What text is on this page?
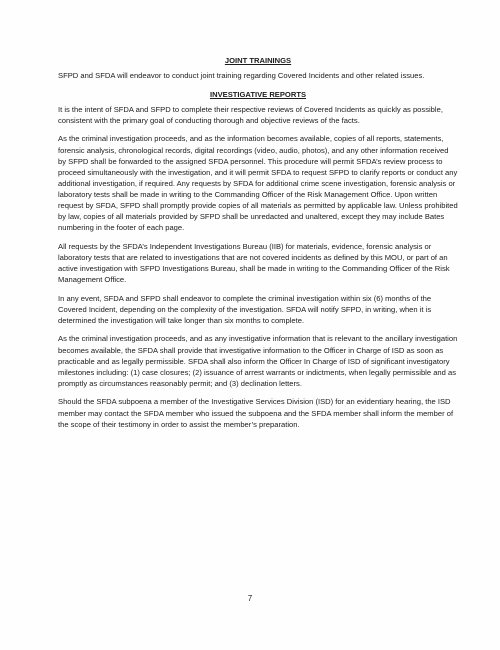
JOINT TRAININGS
SFPD and SFDA will endeavor to conduct joint training regarding Covered Incidents and other related issues.
INVESTIGATIVE REPORTS
It is the intent of SFDA and SFPD to complete their respective reviews of Covered Incidents as quickly as possible, consistent with the primary goal of conducting thorough and objective reviews of the facts.
As the criminal investigation proceeds, and as the information becomes available, copies of all reports, statements, forensic analysis, chronological records, digital recordings (video, audio, photos), and any other information received by SFPD shall be forwarded to the assigned SFDA personnel. This procedure will permit SFDA’s review process to proceed simultaneously with the investigation, and it will permit SFDA to request SFPD to clarify reports or conduct any additional investigation, if required. Any requests by SFDA for additional crime scene investigation, forensic analysis or laboratory tests shall be made in writing to the Commanding Officer of the Risk Management Office. Upon written request by SFDA, SFPD shall promptly provide copies of all materials as permitted by applicable law. Unless prohibited by law, copies of all materials provided by SFPD shall be unredacted and unaltered, except they may include Bates numbering in the footer of each page.
All requests by the SFDA’s Independent Investigations Bureau (IIB) for materials, evidence, forensic analysis or laboratory tests that are related to investigations that are not covered incidents as defined by this MOU, or part of an active investigation with SFPD Investigations Bureau, shall be made in writing to the Commanding Officer of the Risk Management Office.
In any event, SFDA and SFPD shall endeavor to complete the criminal investigation within six (6) months of the Covered Incident, depending on the complexity of the investigation. SFDA will notify SFPD, in writing, when it is determined the investigation will take longer than six months to complete.
As the criminal investigation proceeds, and as any investigative information that is relevant to the ancillary investigation becomes available, the SFDA shall provide that investigative information to the Officer in Charge of ISD as soon as practicable and as legally permissible. SFDA shall also inform the Officer In Charge of ISD of significant investigatory milestones including: (1) case closures; (2) issuance of arrest warrants or indictments, when legally permissible and as promptly as circumstances reasonably permit; and (3) declination letters.
Should the SFDA subpoena a member of the Investigative Services Division (ISD) for an evidentiary hearing, the ISD member may contact the SFDA member who issued the subpoena and the SFDA member shall inform the member of the scope of their testimony in order to assist the member’s preparation.
7
